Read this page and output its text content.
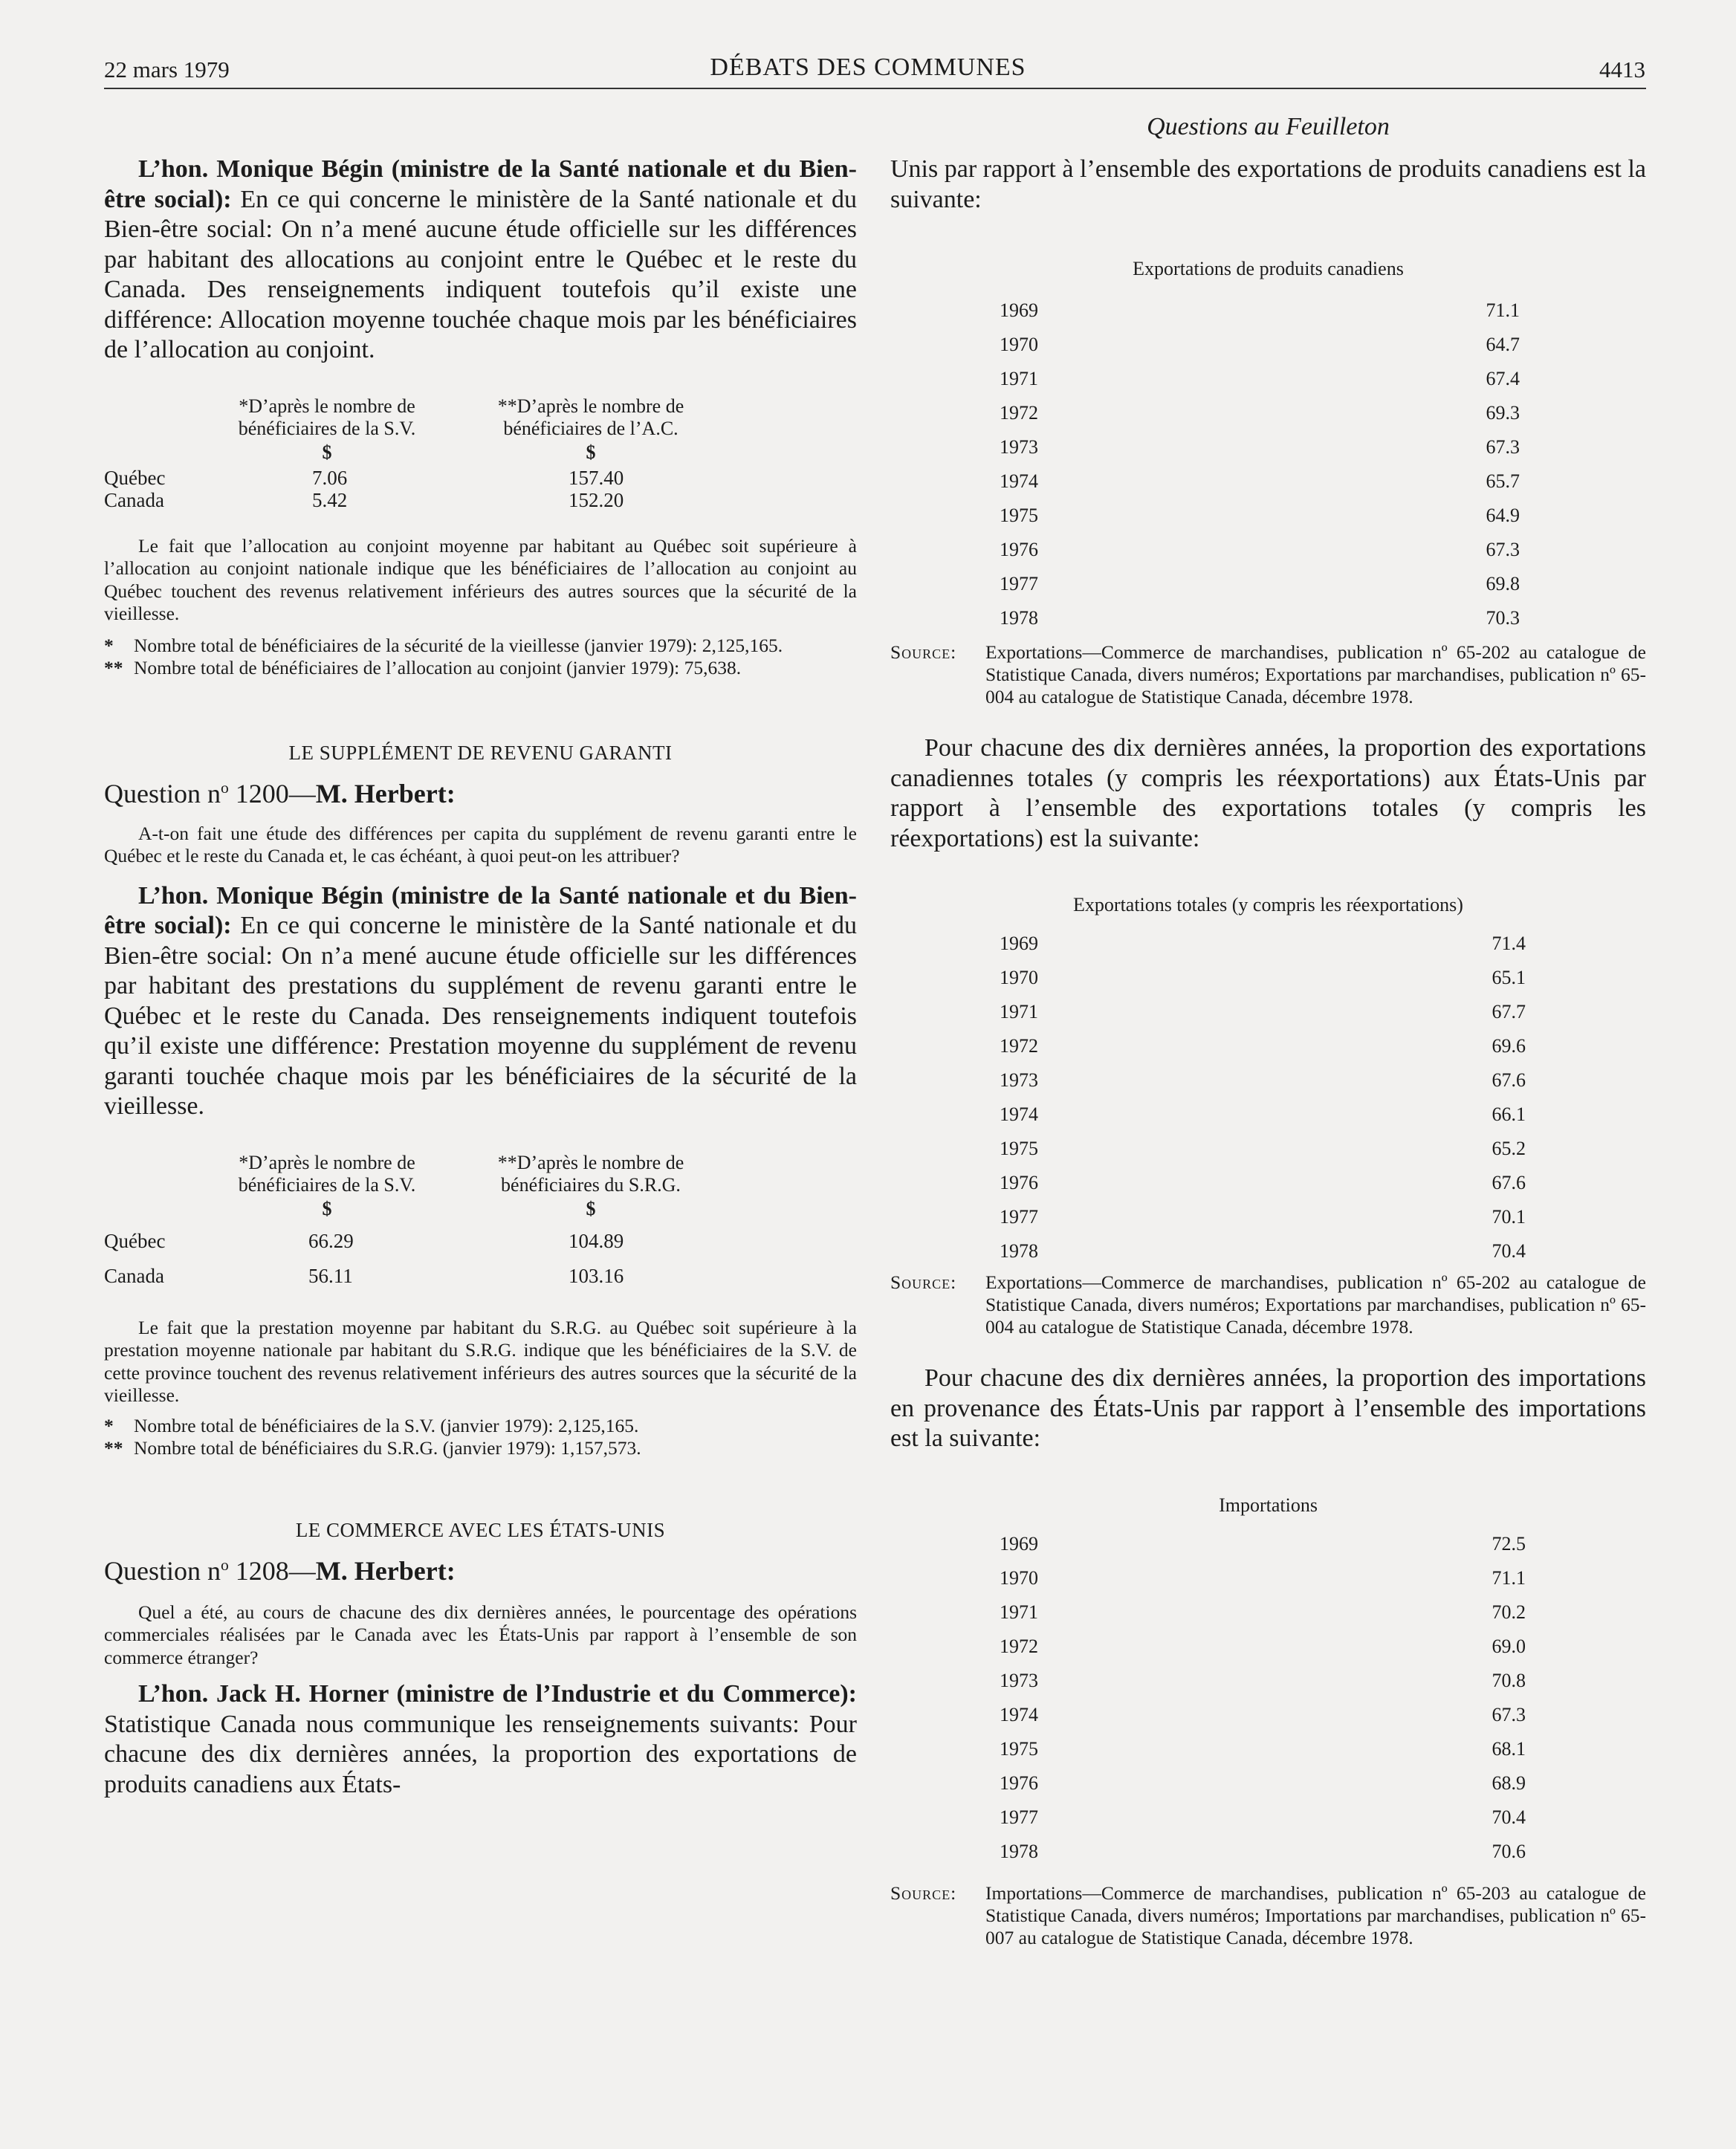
22 mars 1979	DÉBATS DES COMMUNES	4413
Questions au Feuilleton

L’hon. Monique Bégin (ministre de la Santé nationale et du Bien-être social): En ce qui concerne le ministère de la Santé nationale et du Bien-être social: On n’a mené aucune étude officielle sur les différences par habitant des allocations au conjoint entre le Québec et le reste du Canada. Des renseignements indiquent toutefois qu’il existe une différence: Allocation moyenne touchée chaque mois par les bénéficiaires de l’allocation au conjoint.

*D’après le nombre de bénéficiaires de la S.V.
**D’après le nombre de bénéficiaires de l’A.C.
$	$
Québec	7.06	157.40
Canada	5.42	152.20

Le fait que l’allocation au conjoint moyenne par habitant au Québec soit supérieure à l’allocation au conjoint nationale indique que les bénéficiaires de l’allocation au conjoint au Québec touchent des revenus relativement inférieurs des autres sources que la sécurité de la vieillesse.

*	Nombre total de bénéficiaires de la sécurité de la vieillesse (janvier 1979): 2,125,165.
** Nombre total de bénéficiaires de l’allocation au conjoint (janvier 1979): 75,638.
LE SUPPLÉMENT DE REVENU GARANTI
Question $n^o$ 1200—M. Herbert:

A-t-on fait une étude des différences per capita du supplément de revenu garanti entre le Québec et le reste du Canada et, le cas échéant, à quoi peut-on les attribuer?

L’hon. Monique Bégin (ministre de la Santé nationale et du Bien-être social): En ce qui concerne le ministère de la Santé nationale et du Bien-être social: On n’a mené aucune étude officielle sur les différences par habitant des prestations du supplément de revenu garanti entre le Québec et le reste du Canada. Des renseignements indiquent toutefois qu’il existe une différence: Prestation moyenne du supplément de revenu garanti touchée chaque mois par les bénéficiaires de la sécurité de la vieillesse.

*D’après le nombre de bénéficiaires de la S.V.
**D’après le nombre de bénéficiaires du S.R.G.
$	$
Québec	66.29	104.89
Canada	56.11	103.16

Le fait que la prestation moyenne par habitant du S.R.G. au Québec soit supérieure à la prestation moyenne nationale par habitant du S.R.G. indique que les bénéficiaires de la S.V. de cette province touchent des revenus relativement inférieurs des autres sources que la sécurité de la vieillesse.

*	Nombre total de bénéficiaires de la S.V. (janvier 1979): 2,125,165.
** Nombre total de bénéficiaires du S.R.G. (janvier 1979): 1,157,573.
LE COMMERCE AVEC LES ÉTATS-UNIS
Question $n^o$ 1208—M. Herbert:

Quel a été, au cours de chacune des dix dernières années, le pourcentage des opérations commerciales réalisées par le Canada avec les États-Unis par rapport à l’ensemble de son commerce étranger?

L’hon. Jack H. Horner (ministre de l’Industrie et du Commerce): Statistique Canada nous communique les renseignements suivants: Pour chacune des dix dernières années, la proportion des exportations de produits canadiens aux États-

Unis par rapport à l’ensemble des exportations de produits canadiens est la suivante:

Exportations de produits canadiens
1969	71.1
1970	64.7
1971	67.4
1972	69.3
1973	67.3
1974	65.7
1975	64.9
1976	67.3
1977	69.8
1978	70.3
Source:	Exportations—Commerce de marchandises, publication nº 65-202 au catalogue de Statistique Canada, divers numéros; Exportations par marchandises, publication nº 65-004 au catalogue de Statistique Canada, décembre 1978.

Pour chacune des dix dernières années, la proportion des exportations canadiennes totales (y compris les réexportations) aux États-Unis par rapport à l’ensemble des exportations totales (y compris les réexportations) est la suivante:

Exportations totales (y compris les réexportations)
1969	71.4
1970	65.1
1971	67.7
1972	69.6
1973	67.6
1974	66.1
1975	65.2
1976	67.6
1977	70.1
1978	70.4
Source:	Exportations—Commerce de marchandises, publication nº 65-202 au catalogue de Statistique Canada, divers numéros; Exportations par marchandises, publication nº 65-004 au catalogue de Statistique Canada, décembre 1978.

Pour chacune des dix dernières années, la proportion des importations en provenance des États-Unis par rapport à l’ensemble des importations est la suivante:

Importations
1969	72.5
1970	71.1
1971	70.2
1972	69.0
1973	70.8
1974	67.3
1975	68.1
1976	68.9
1977	70.4
1978	70.6
Source:	Importations—Commerce de marchandises, publication nº 65-203 au catalogue de Statistique Canada, divers numéros; Importations par marchandises, publication nº 65-007 au catalogue de Statistique Canada, décembre 1978.
